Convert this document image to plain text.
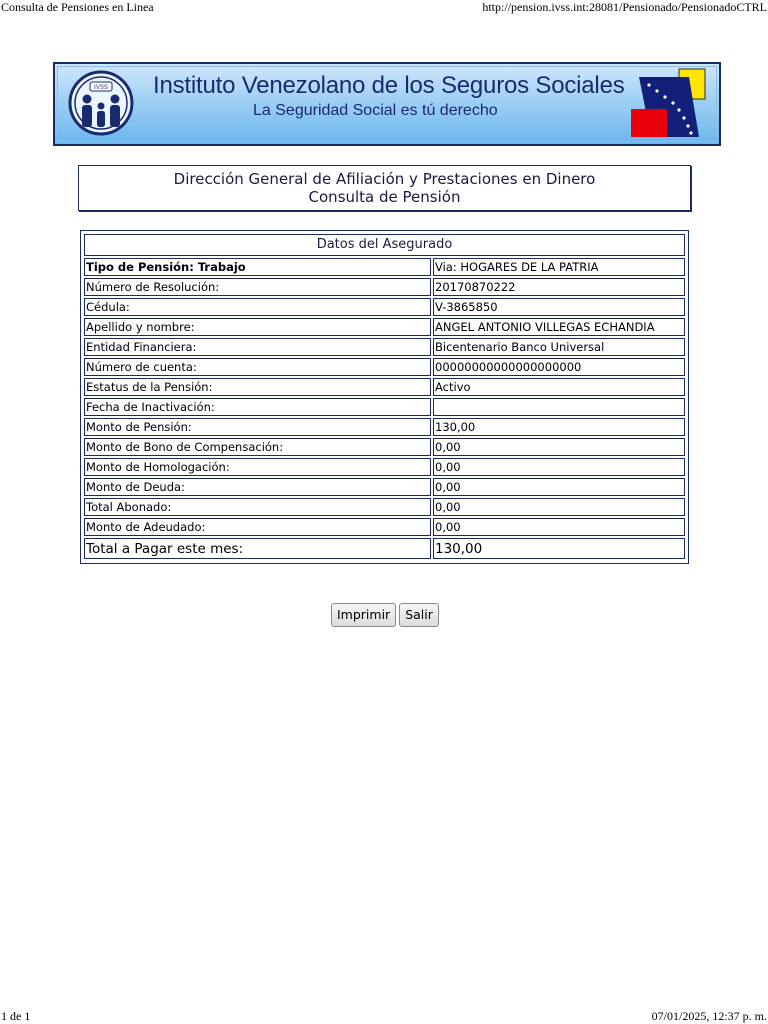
Consulta de Pensiones en Linea	http://pension.ivss.int:28081/Pensionado/PensionadoCTRL
IVSS Instituto Venezolano de los Seguros Sociales
La Seguridad Social es tú derecho
Dirección General de Afiliación y Prestaciones en Dinero
Consulta de Pensión
Datos del Asegurado	
Tipo de Pensión: Trabajo	Via: HOGARES DE LA PATRIA
Número de Resolución:	20170870222
Cédula:	V-3865850
Apellido y nombre:	ANGEL ANTONIO VILLEGAS ECHANDIA
Entidad Financiera:	Bicentenario Banco Universal
Número de cuenta:	00000000000000000000
Estatus de la Pensión:	Activo
Fecha de Inactivación:	
Monto de Pensión:	130,00
Monto de Bono de Compensación:	0,00
Monto de Homologación:	0,00
Monto de Deuda:	0,00
Total Abonado:	0,00
Monto de Adeudado:	0,00
Total a Pagar este mes:	130,00
Imprimir Salir
1 de 1	07/01/2025, 12:37 p. m.
